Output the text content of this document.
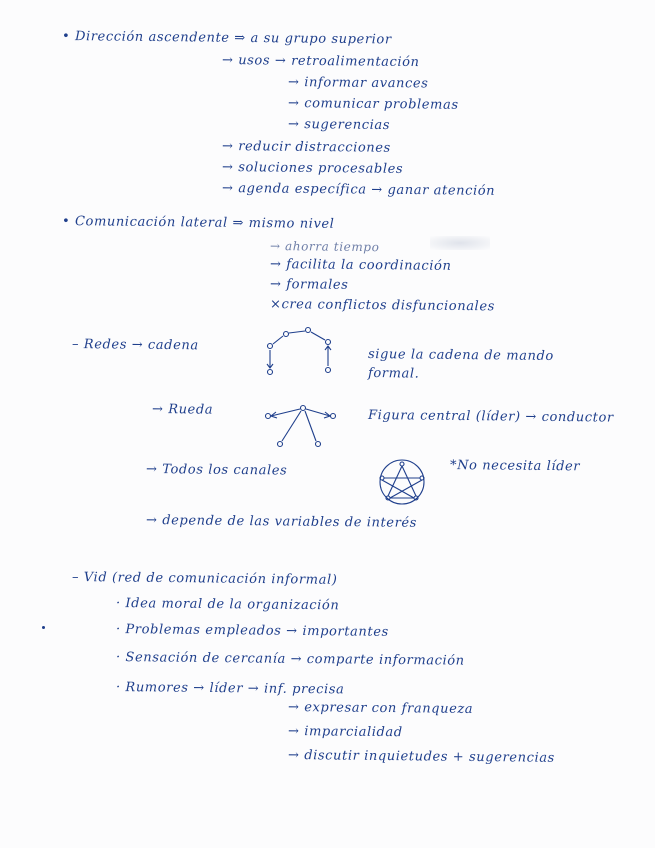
• Dirección ascendente ⇒ a su grupo superior
→ usos → retroalimentación
→ informar avances
→ comunicar problemas
→ sugerencias
→ reducir distracciones
→ soluciones procesables
→ agenda específica → ganar atención
• Comunicación lateral ⇒ mismo nivel
→ ahorra tiempo
→ facilita la coordinación
→ formales
×crea conflictos disfuncionales
– Redes → cadena
sigue la cadena de mando
formal.
→ Rueda	Figura central (líder) → conductor
→ Todos los canales	*No necesita líder
→ depende de las variables de interés
– Vid (red de comunicación informal)
· Idea moral de la organización
· Problemas empleados → importantes
· Sensación de cercanía → comparte información
· Rumores → líder → inf. precisa
→ expresar con franqueza
→ imparcialidad
→ discutir inquietudes + sugerencias
